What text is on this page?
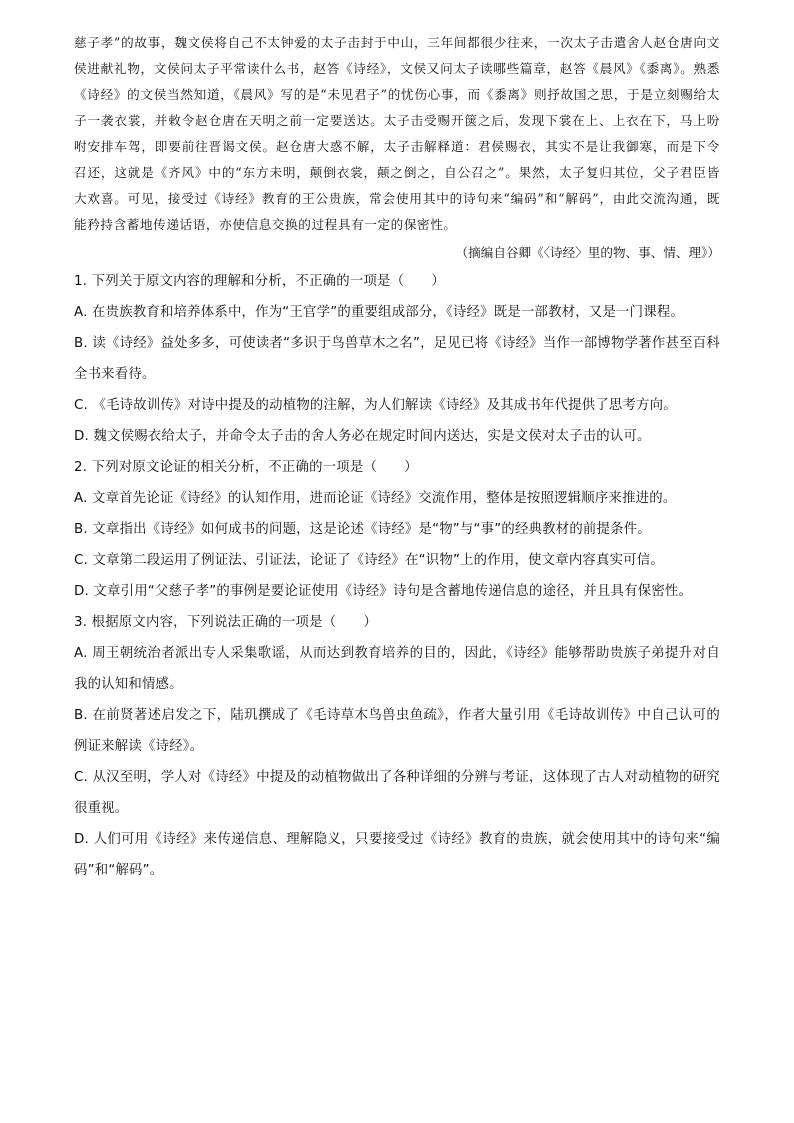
慈子孝”的故事，魏文侯将自己不太钟爱的太子击封于中山，三年间都很少往来，一次太子击遣舍人赵仓唐向文侯进献礼物，文侯问太子平常读什么书，赵答《诗经》，文侯又问太子读哪些篇章，赵答《晨风》《黍离》。熟悉《诗经》的文侯当然知道，《晨风》写的是“未见君子”的忧伤心事，而《黍离》则抒故国之思，于是立刻赐给太子一袭衣裳，并敕令赵仓唐在天明之前一定要送达。太子击受赐开箧之后，发现下裳在上、上衣在下，马上吩咐安排车驾，即要前往晋谒文侯。赵仓唐大惑不解，太子击解释道：君侯赐衣，其实不是让我御寒，而是下令召还，这就是《齐风》中的“东方未明，颠倒衣裳，颠之倒之，自公召之”。果然，太子复归其位，父子君臣皆大欢喜。可见，接受过《诗经》教育的王公贵族，常会使用其中的诗句来“编码”和“解码”，由此交流沟通，既能矜持含蓄地传递话语，亦使信息交换的过程具有一定的保密性。

（摘编自谷卿《〈诗经〉里的物、事、情、理》）

1. 下列关于原文内容的理解和分析，不正确的一项是（　　）

A. 在贵族教育和培养体系中，作为“王官学”的重要组成部分，《诗经》既是一部教材，又是一门课程。

B. 读《诗经》益处多多，可使读者“多识于鸟兽草木之名”，足见已将《诗经》当作一部博物学著作甚至百科全书来看待。

C. 《毛诗故训传》对诗中提及的动植物的注解，为人们解读《诗经》及其成书年代提供了思考方向。

D. 魏文侯赐衣给太子，并命令太子击的舍人务必在规定时间内送达，实是文侯对太子击的认可。

2. 下列对原文论证的相关分析，不正确的一项是（　　）

A. 文章首先论证《诗经》的认知作用，进而论证《诗经》交流作用，整体是按照逻辑顺序来推进的。

B. 文章指出《诗经》如何成书的问题，这是论述《诗经》是“物”与“事”的经典教材的前提条件。

C. 文章第二段运用了例证法、引证法，论证了《诗经》在“识物”上的作用，使文章内容真实可信。

D. 文章引用“父慈子孝”的事例是要论证使用《诗经》诗句是含蓄地传递信息的途径，并且具有保密性。

3. 根据原文内容，下列说法正确的一项是（　　）

A. 周王朝统治者派出专人采集歌谣，从而达到教育培养的目的，因此，《诗经》能够帮助贵族子弟提升对自我的认知和情感。

B. 在前贤著述启发之下，陆玑撰成了《毛诗草木鸟兽虫鱼疏》，作者大量引用《毛诗故训传》中自己认可的例证来解读《诗经》。

C. 从汉至明，学人对《诗经》中提及的动植物做出了各种详细的分辨与考证，这体现了古人对动植物的研究很重视。

D. 人们可用《诗经》来传递信息、理解隐义，只要接受过《诗经》教育的贵族，就会使用其中的诗句来“编码”和“解码”。
